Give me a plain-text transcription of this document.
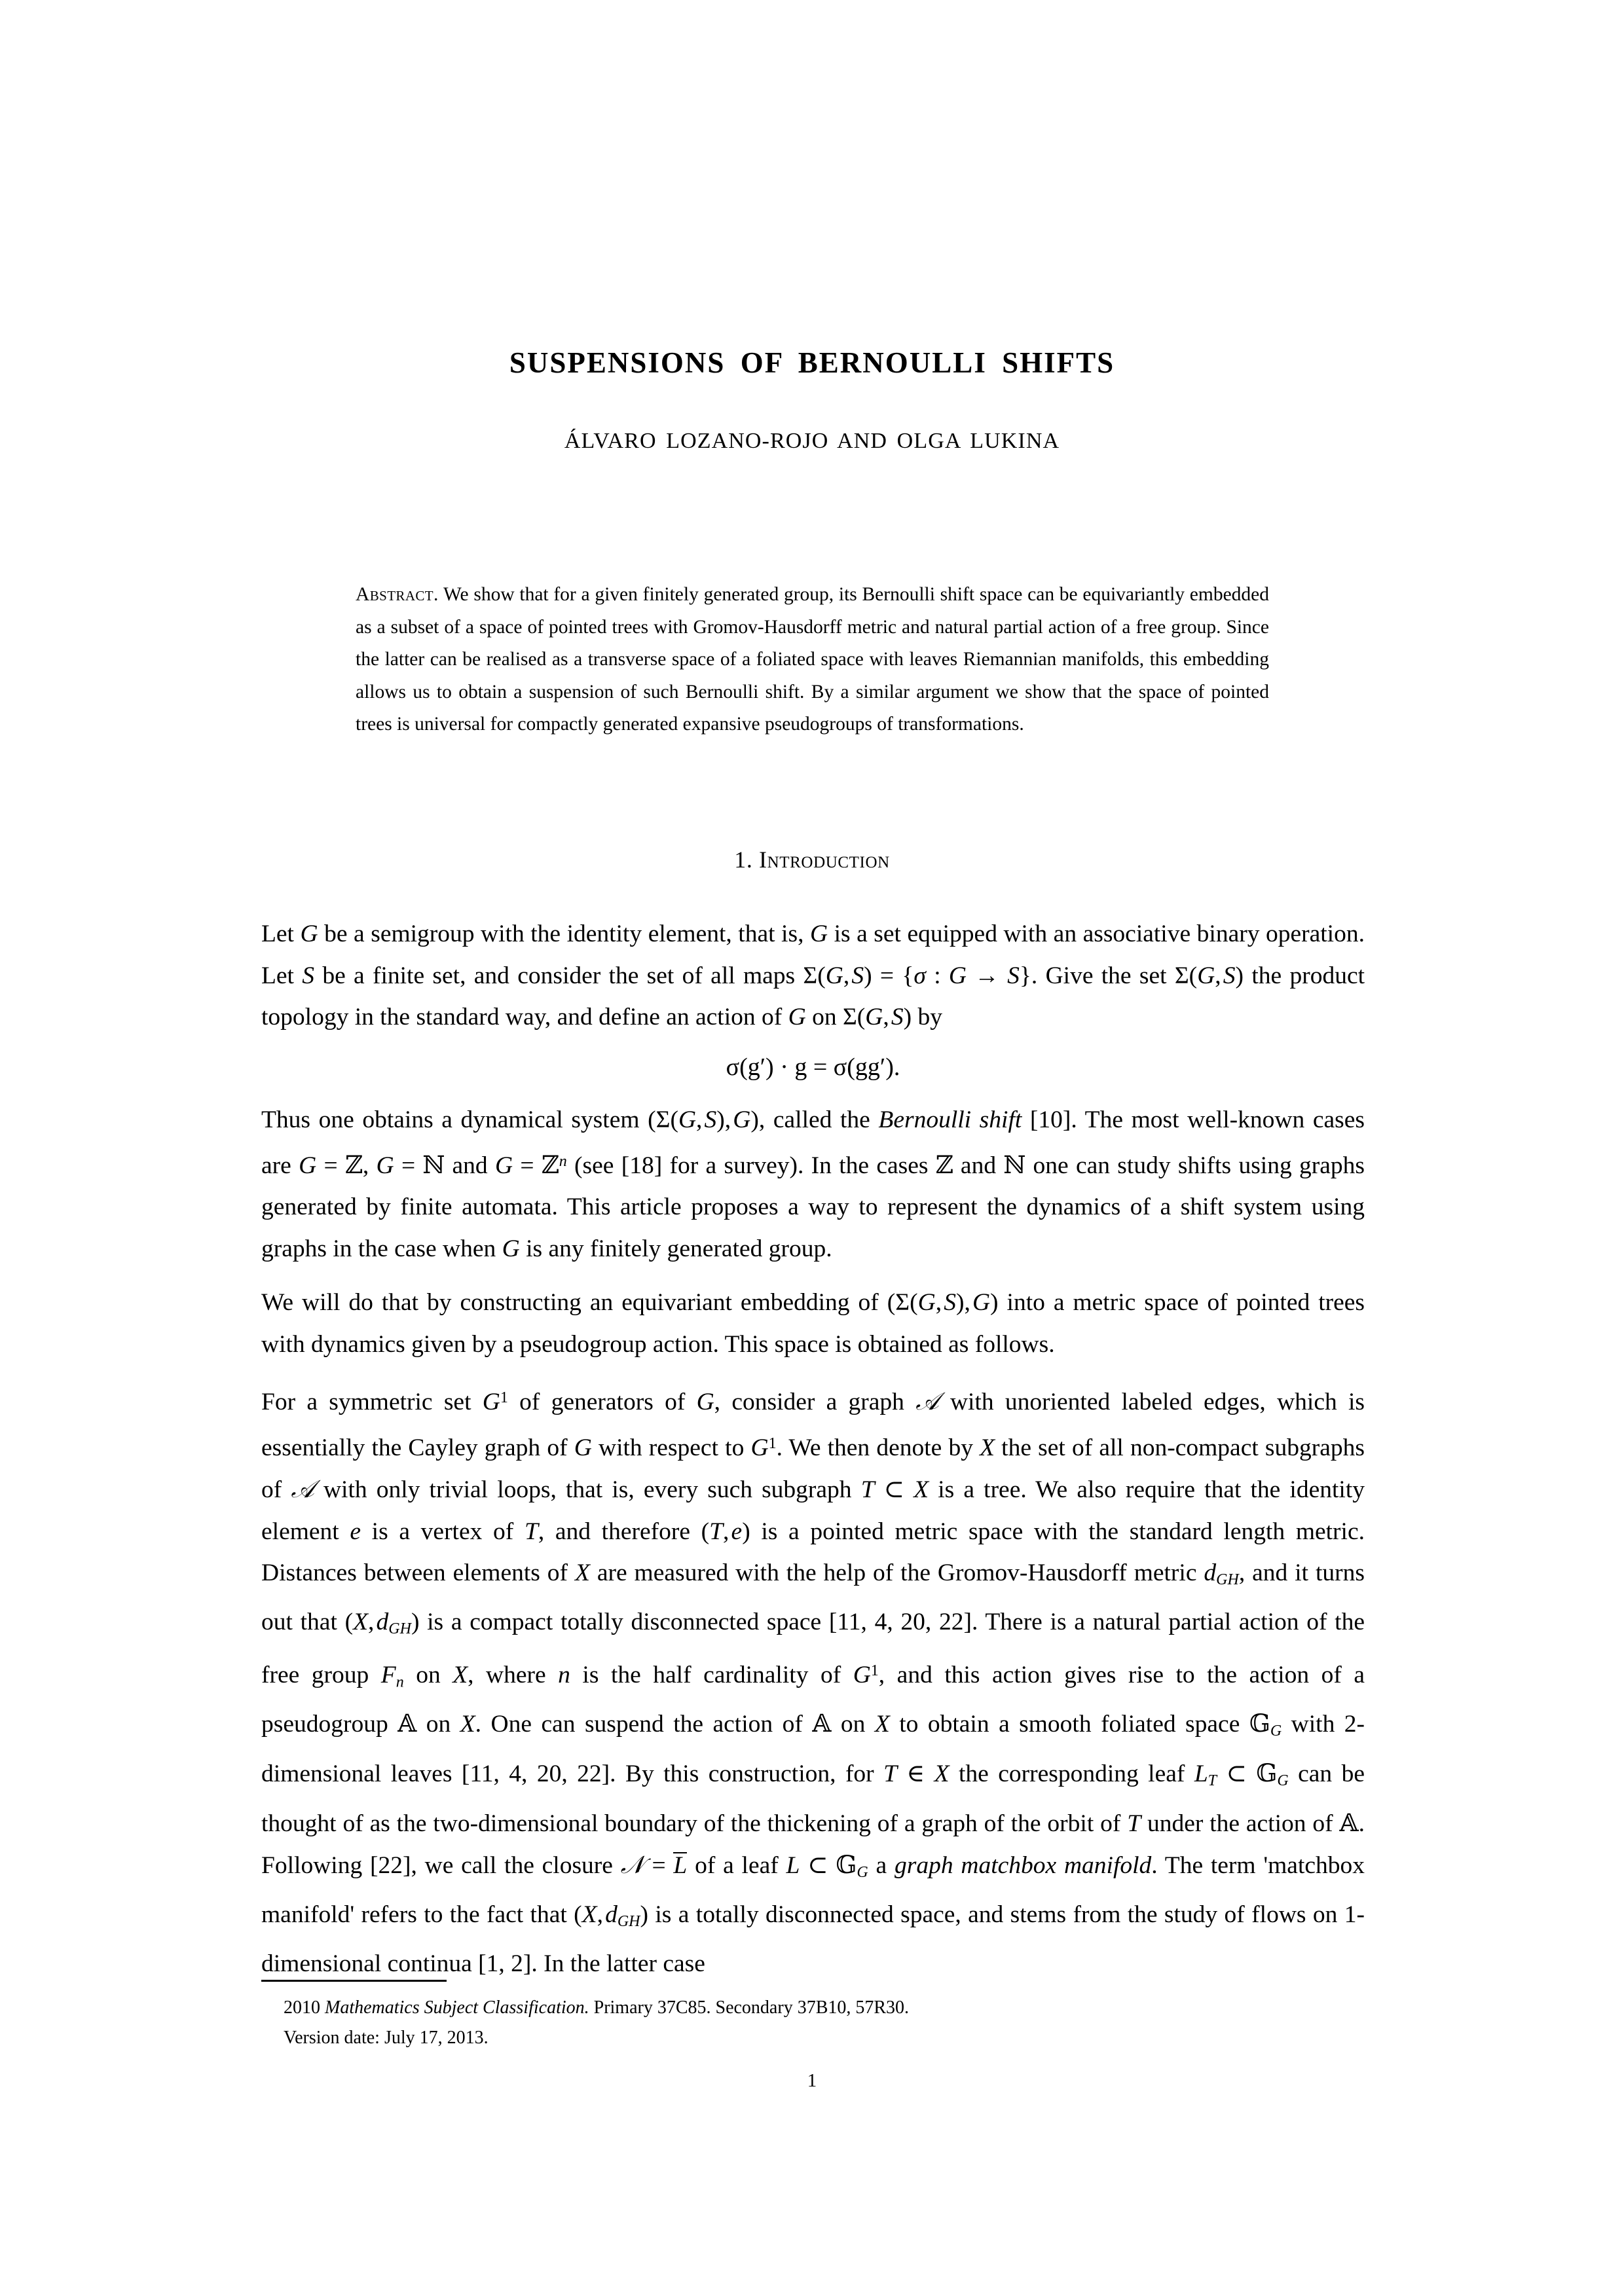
SUSPENSIONS OF BERNOULLI SHIFTS
ÁLVARO LOZANO-ROJO AND OLGA LUKINA
Abstract. We show that for a given finitely generated group, its Bernoulli shift space can be equivariantly embedded as a subset of a space of pointed trees with Gromov-Hausdorff metric and natural partial action of a free group. Since the latter can be realised as a transverse space of a foliated space with leaves Riemannian manifolds, this embedding allows us to obtain a suspension of such Bernoulli shift. By a similar argument we show that the space of pointed trees is universal for compactly generated expansive pseudogroups of transformations.
1. Introduction

Let G be a semigroup with the identity element, that is, G is a set equipped with an associative binary operation. Let S be a finite set, and consider the set of all maps Σ(G, S) = {σ : G → S}. Give the set Σ(G, S) the product topology in the standard way, and define an action of G on Σ(G, S) by

σ(g′) · g = σ(gg′).

Thus one obtains a dynamical system (Σ(G, S), G), called the Bernoulli shift [10]. The most well-known cases are G = ℤ, G = ℕ and G = ℤ$^n$ (see [18] for a survey). In the cases ℤ and ℕ one can study shifts using graphs generated by finite automata. This article proposes a way to represent the dynamics of a shift system using graphs in the case when G is any finitely generated group.

We will do that by constructing an equivariant embedding of (Σ(G, S), G) into a metric space of pointed trees with dynamics given by a pseudogroup action. This space is obtained as follows.

For a symmetric set $G^1$ of generators of G, consider a graph 𝒜 with unoriented labeled edges, which is essentially the Cayley graph of G with respect to $G^1$. We then denote by X the set of all non-compact subgraphs of 𝒜 with only trivial loops, that is, every such subgraph T ⊂ X is a tree. We also require that the identity element e is a vertex of T, and therefore (T, e) is a pointed metric space with the standard length metric. Distances between elements of X are measured with the help of the Gromov-Hausdorff metric $d_{GH}$, and it turns out that (X, $d_{GH}$) is a compact totally disconnected space [11, 4, 20, 22]. There is a natural partial action of the free group $F_n$ on X, where n is the half cardinality of $G^1$, and this action gives rise to the action of a pseudogroup 𝔸 on X. One can suspend the action of 𝔸 on X to obtain a smooth foliated space 𝔾$_G$ with 2-dimensional leaves [11, 4, 20, 22]. By this construction, for T ∈ X the corresponding leaf $L_T$ ⊂ 𝔾$_G$ can be thought of as the two-dimensional boundary of the thickening of a graph of the orbit of T under the action of 𝔸. Following [22], we call the closure 𝒩 = L of a leaf L ⊂ 𝔾$_G$ a graph matchbox manifold. The term 'matchbox manifold' refers to the fact that (X, $d_{GH}$) is a totally disconnected space, and stems from the study of flows on 1-dimensional continua [1, 2]. In the latter case

2010 Mathematics Subject Classification. Primary 37C85. Secondary 37B10, 57R30.
Version date: July 17, 2013.
1
